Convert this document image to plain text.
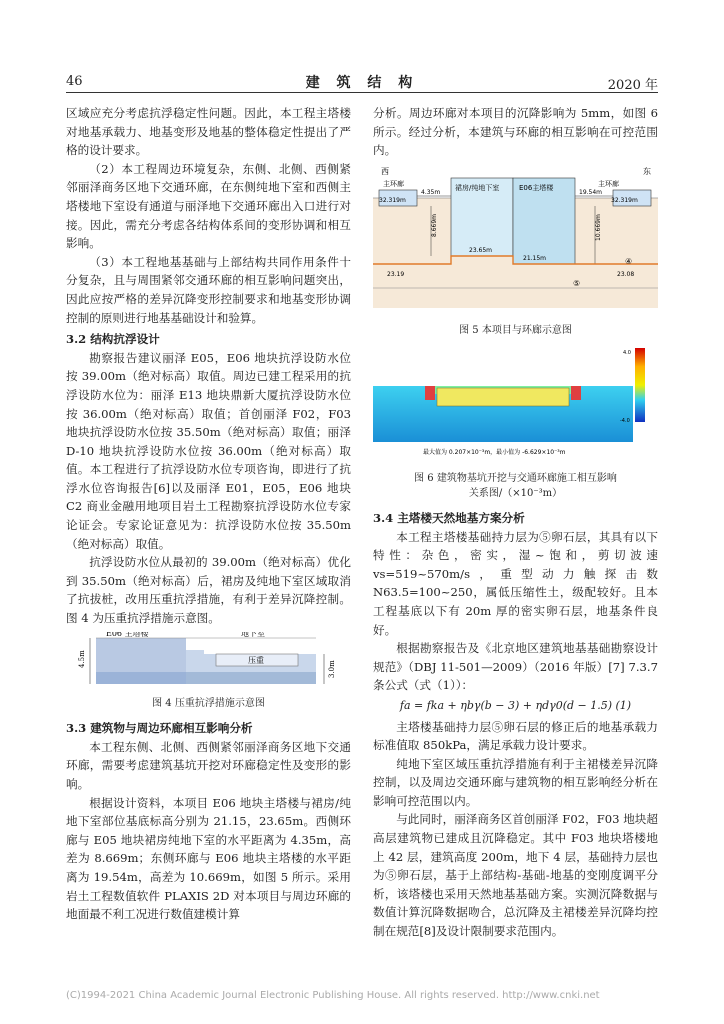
46	建 筑 结 构	2020 年

区域应充分考虑抗浮稳定性问题。因此，本工程主塔楼对地基承载力、地基变形及地基的整体稳定性提出了严格的设计要求。

（2）本工程周边环境复杂，东侧、北侧、西侧紧邻丽泽商务区地下交通环廊，在东侧纯地下室和西侧主塔楼地下室设有通道与丽泽地下交通环廊出入口进行对接。因此，需充分考虑各结构体系间的变形协调和相互影响。

（3）本工程地基基础与上部结构共同作用条件十分复杂，且与周围紧邻交通环廊的相互影响问题突出，因此应按严格的差异沉降变形控制要求和地基变形协调控制的原则进行地基基础设计和验算。

3.2 结构抗浮设计

勘察报告建议丽泽 E05，E06 地块抗浮设防水位按 39.00m（绝对标高）取值。周边已建工程采用的抗浮设防水位为：丽泽 E13 地块鼎新大厦抗浮设防水位按 36.00m（绝对标高）取值；首创丽泽 F02，F03 地块抗浮设防水位按 35.50m（绝对标高）取值；丽泽 D-10 地块抗浮设防水位按 36.00m（绝对标高）取值。本工程进行了抗浮设防水位专项咨询，即进行了抗浮水位咨询报告[6]以及丽泽 E01，E05，E06 地块 C2 商业金融用地项目岩土工程勘察抗浮设防水位专家论证会。专家论证意见为：抗浮设防水位按 35.50m（绝对标高）取值。

抗浮设防水位从最初的 39.00m（绝对标高）优化到 35.50m（绝对标高）后，裙房及纯地下室区域取消了抗拔桩，改用压重抗浮措施，有利于差异沉降控制。图 4 为压重抗浮措施示意图。

E06 主塔楼	地下室
压重
4.5m
3.0m
图 4 压重抗浮措施示意图
3.3 建筑物与周边环廊相互影响分析

本工程东侧、北侧、西侧紧邻丽泽商务区地下交通环廊，需要考虑建筑基坑开挖对环廊稳定性及变形的影响。

根据设计资料，本项目 E06 地块主塔楼与裙房/纯地下室部位基底标高分别为 21.15，23.65m。西侧环廊与 E05 地块裙房纯地下室的水平距离为 4.35m，高差为 8.669m；东侧环廊与 E06 地块主塔楼的水平距离为 19.54m，高差为 10.669m，如图 5 所示。采用岩土工程数值软件 PLAXIS 2D 对本项目与周边环廊的地面最不利工况进行数值建模计算

分析。周边环廊对本项目的沉降影响为 5mm，如图 6 所示。经过分析，本建筑与环廊的相互影响在可控范围内。

西	东
主环廊
32.319m
裙房/纯地下室
23.65m
E06主塔楼
21.15m
主环廊
32.319m
4.35m	19.54m
8.669m	10.669m
23.19	23.08
④
⑤
图 5 本项目与环廊示意图
4.0
-4.0
最大值为 0.207×10⁻³m，最小值为 -6.629×10⁻³m
图 6 建筑物基坑开挖与交通环廊施工相互影响
关系图/（×10⁻³m）
3.4 主塔楼天然地基方案分析

本工程主塔楼基础持力层为⑤卵石层，其具有以下特性：杂色，密实，湿~饱和，剪切波速 vs=519~570m/s，重型动力触探击数 N63.5=100~250，属低压缩性土，级配较好。且本工程基底以下有 20m 厚的密实卵石层，地基条件良好。

根据勘察报告及《北京地区建筑地基基础勘察设计规范》（DBJ 11-501—2009）（2016 年版）[7] 7.3.7 条公式（式（1））：

fa = fka + ηbγ(b − 3) + ηdγ0(d − 1.5) (1)

主塔楼基础持力层⑤卵石层的修正后的地基承载力标准值取 850kPa，满足承载力设计要求。

纯地下室区域压重抗浮措施有利于主裙楼差异沉降控制，以及周边交通环廊与建筑物的相互影响经分析在影响可控范围以内。

与此同时，丽泽商务区首创丽泽 F02，F03 地块超高层建筑物已建成且沉降稳定。其中 F03 地块塔楼地上 42 层，建筑高度 200m，地下 4 层，基础持力层也为⑤卵石层，基于上部结构-基础-地基的变刚度调平分析，该塔楼也采用天然地基基础方案。实测沉降数据与数值计算沉降数据吻合，总沉降及主裙楼差异沉降均控制在规范[8]及设计限制要求范围内。

(C)1994-2021 China Academic Journal Electronic Publishing House. All rights reserved. http://www.cnki.net
